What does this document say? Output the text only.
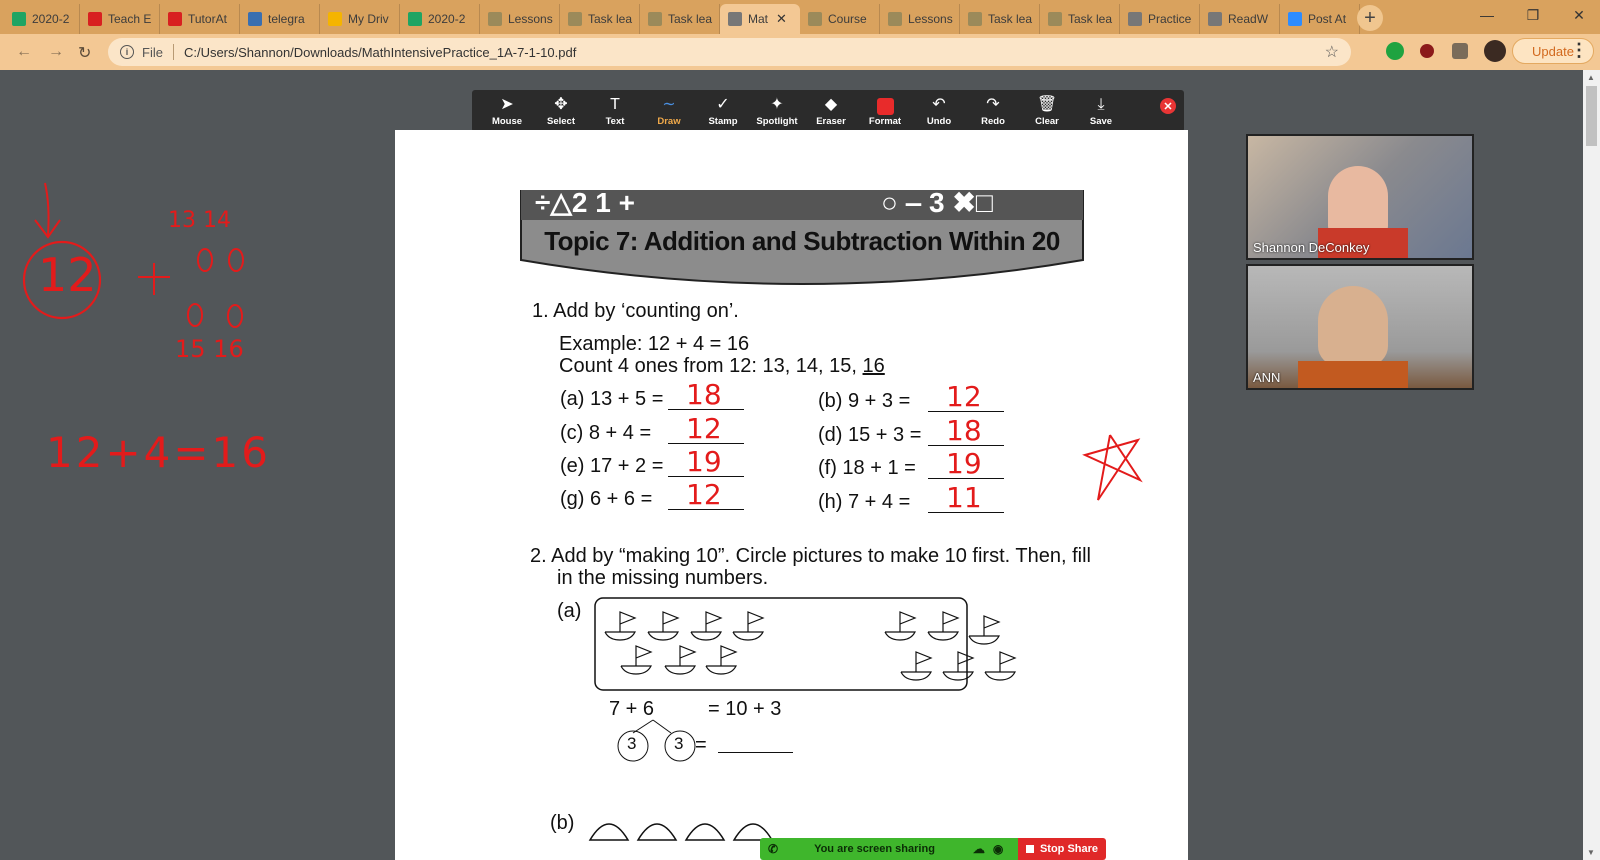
2020-2	Teach E	TutorAt	telegra	My Driv	2020-2	Lessons	Task lea	Task lea	Mat ✕	Course	Lessons	Task lea	Task lea	Practice	ReadW	Post At +	—	❐	✕
← → ↻	i	File C:/Users/Shannon/Downloads/MathIntensivePractice_1A-7-1-10.pdf	☆	Update
⋮
▲
▼
12
13 14
15 16
12+4=16
➤
Mouse
✥
Select
T
Text
∼
Draw
✓
Stamp
✦
Spotlight
◆
Eraser Format
↶
Undo
↷
Redo
🗑
Clear
⤓
Save
✕
÷△2 1 +	○ ‒ 3 ✖□
Topic 7: Addition and Subtraction Within 20
1. Add by ‘counting on’.
Example: 12 + 4 = 16
Count 4 ones from 12: 13, 14, 15, 16
(a) 13 + 5 = 18	(b) 9 + 3 = 12
(c) 8 + 4 = 12	(d) 15 + 3 = 18
(e) 17 + 2 = 19	(f) 18 + 1 = 19
(g) 6 + 6 = 12	(h) 7 + 4 = 11
2. Add by “making 10”. Circle pictures to make 10 first. Then, fill
in the missing numbers.
(a)
7 + 6	= 10 + 3
3 3 =
(b)
Shannon DeConkey
ANN
✆	You are screen sharing	☁ ◉	Stop Share
